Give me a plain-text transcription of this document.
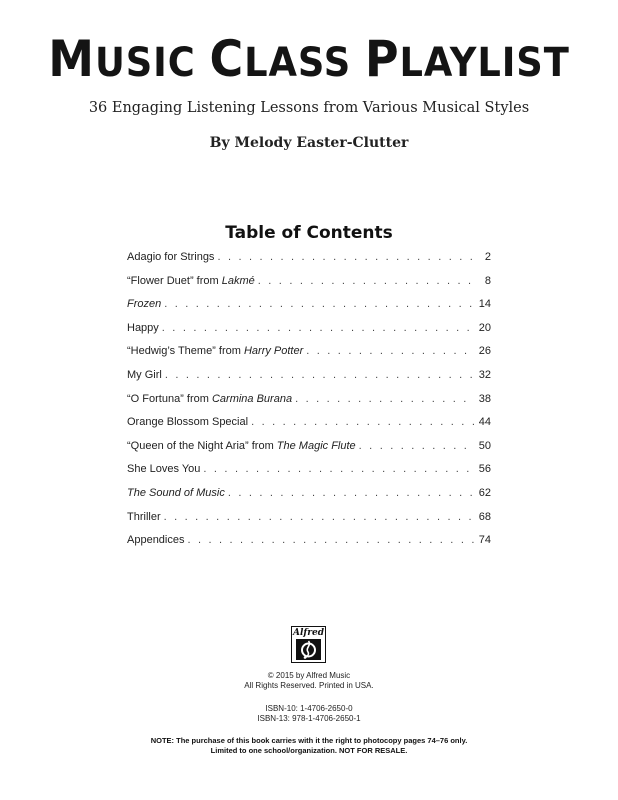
MUSIC CLASS PLAYLIST
36 Engaging Listening Lessons from Various Musical Styles
By Melody Easter-Clutter
Table of Contents
Adagio for Strings . . .	2
“Flower Duet” from Lakmé . . .	8
Frozen . . .	14
Happy . . .	20
“Hedwig’s Theme” from Harry Potter . . .	26
My Girl . . .	32
“O Fortuna” from Carmina Burana . . .	38
Orange Blossom Special . . .	44
“Queen of the Night Aria” from The Magic Flute . . .	50
She Loves You . . .	56
The Sound of Music . . .	62
Thriller . . .	68
Appendices . . .	74
Alfred
© 2015 by Alfred Music
All Rights Reserved. Printed in USA.
ISBN-10: 1-4706-2650-0
ISBN-13: 978-1-4706-2650-1
NOTE: The purchase of this book carries with it the right to photocopy pages 74–76 only.
Limited to one school/organization. NOT FOR RESALE.
